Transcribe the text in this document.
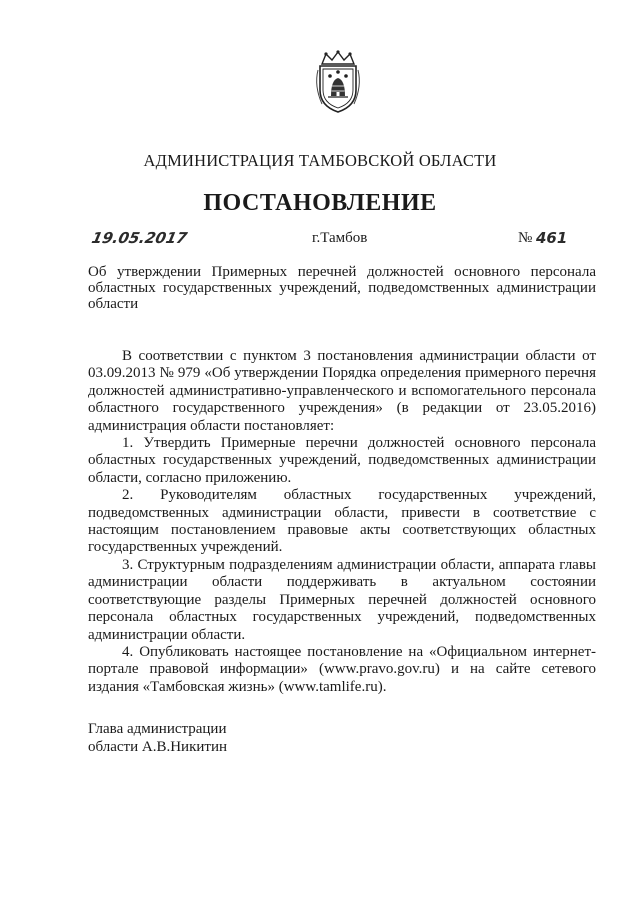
АДМИНИСТРАЦИЯ ТАМБОВСКОЙ ОБЛАСТИ
ПОСТАНОВЛЕНИЕ
19.05.2017	г.Тамбов	№ 461
Об утверждении Примерных перечней должностей основного персонала областных государственных учреждений, подведомственных администрации области

В соответствии с пунктом 3 постановления администрации области от 03.09.2013 № 979 «Об утверждении Порядка определения примерного перечня должностей административно-управленческого и вспомогательного персонала областного государственного учреждения» (в редакции от 23.05.2016) администрация области постановляет:

1. Утвердить Примерные перечни должностей основного персонала областных государственных учреждений, подведомственных администрации области, согласно приложению.

2. Руководителям областных государственных учреждений, подведомственных администрации области, привести в соответствие с настоящим постановлением правовые акты соответствующих областных государственных учреждений.

3. Структурным подразделениям администрации области, аппарата главы администрации области поддерживать в актуальном состоянии соответствующие разделы Примерных перечней должностей основного персонала областных государственных учреждений, подведомственных администрации области.

4. Опубликовать настоящее постановление на «Официальном интернет-портале правовой информации» (www.pravo.gov.ru) и на сайте сетевого издания «Тамбовская жизнь» (www.tamlife.ru).

Глава администрации
области А.В.Никитин
